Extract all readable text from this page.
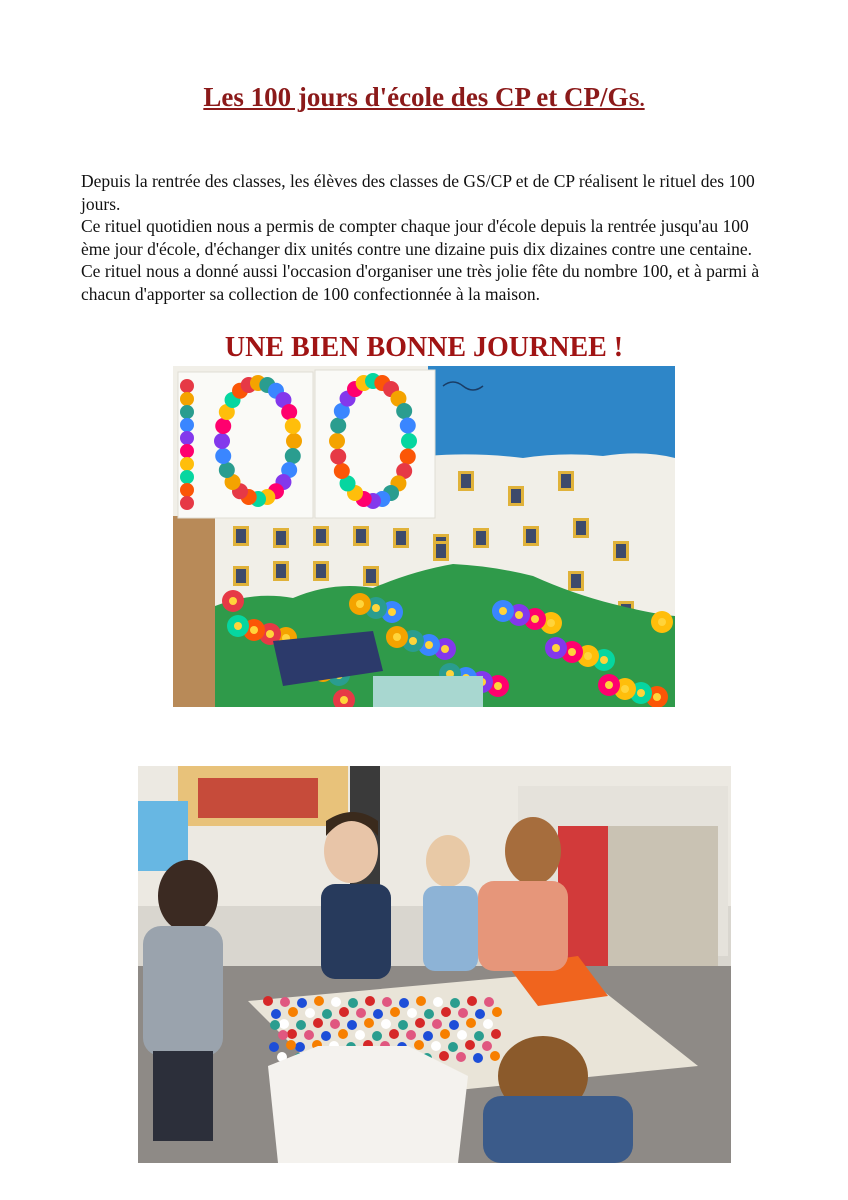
Les 100 jours d'école des CP et CP/GS.

Depuis la rentrée des classes, les élèves des classes de GS/CP et de CP réalisent le rituel des 100 jours.

Ce rituel quotidien nous a permis de compter chaque jour d'école depuis la rentrée jusqu'au 100 ème jour d'école, d'échanger dix unités contre une dizaine puis dix dizaines contre une centaine.

Ce rituel nous a donné aussi l'occasion d'organiser une très jolie fête du nombre 100, et à parmi à chacun d'apporter sa collection de 100 confectionnée à la maison.

UNE BIEN BONNE JOURNEE !
